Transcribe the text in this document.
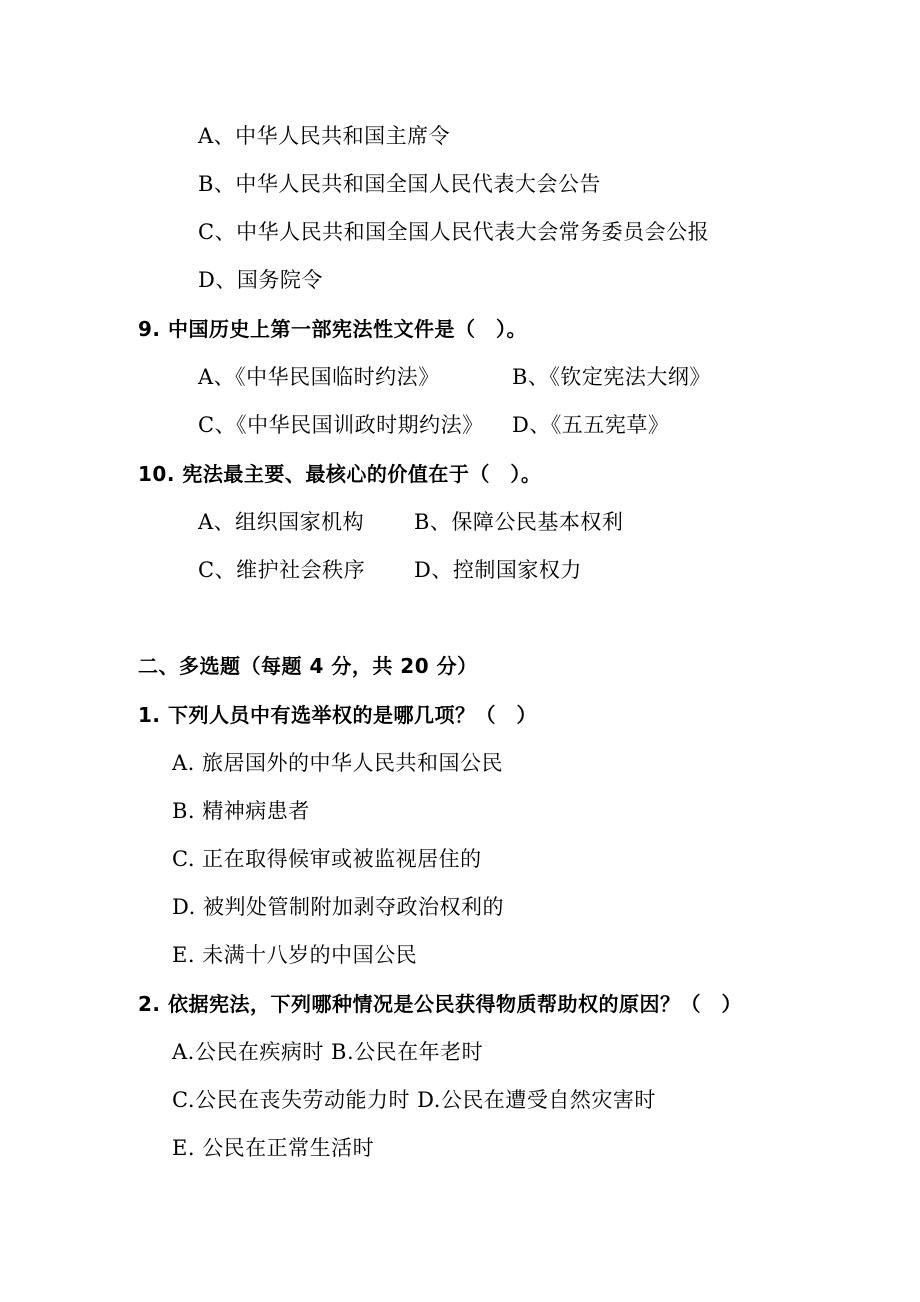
A、中华人民共和国主席令
B、中华人民共和国全国人民代表大会公告
C、中华人民共和国全国人民代表大会常务委员会公报
D、国务院令
9. 中国历史上第一部宪法性文件是（　）。
A、《中华民国临时约法》	B、《钦定宪法大纲》
C、《中华民国训政时期约法》 D、《五五宪草》
10. 宪法最主要、最核心的价值在于（　）。
A、组织国家机构 B、保障公民基本权利
C、维护社会秩序 D、控制国家权力
二、多选题（每题 4 分，共 20 分）
1. 下列人员中有选举权的是哪几项？（　）
A. 旅居国外的中华人民共和国公民
B. 精神病患者
C. 正在取得候审或被监视居住的
D. 被判处管制附加剥夺政治权利的
E. 未满十八岁的中国公民
2. 依据宪法，下列哪种情况是公民获得物质帮助权的原因？（　）
A.公民在疾病时 B.公民在年老时
C.公民在丧失劳动能力时 D.公民在遭受自然灾害时
E. 公民在正常生活时
